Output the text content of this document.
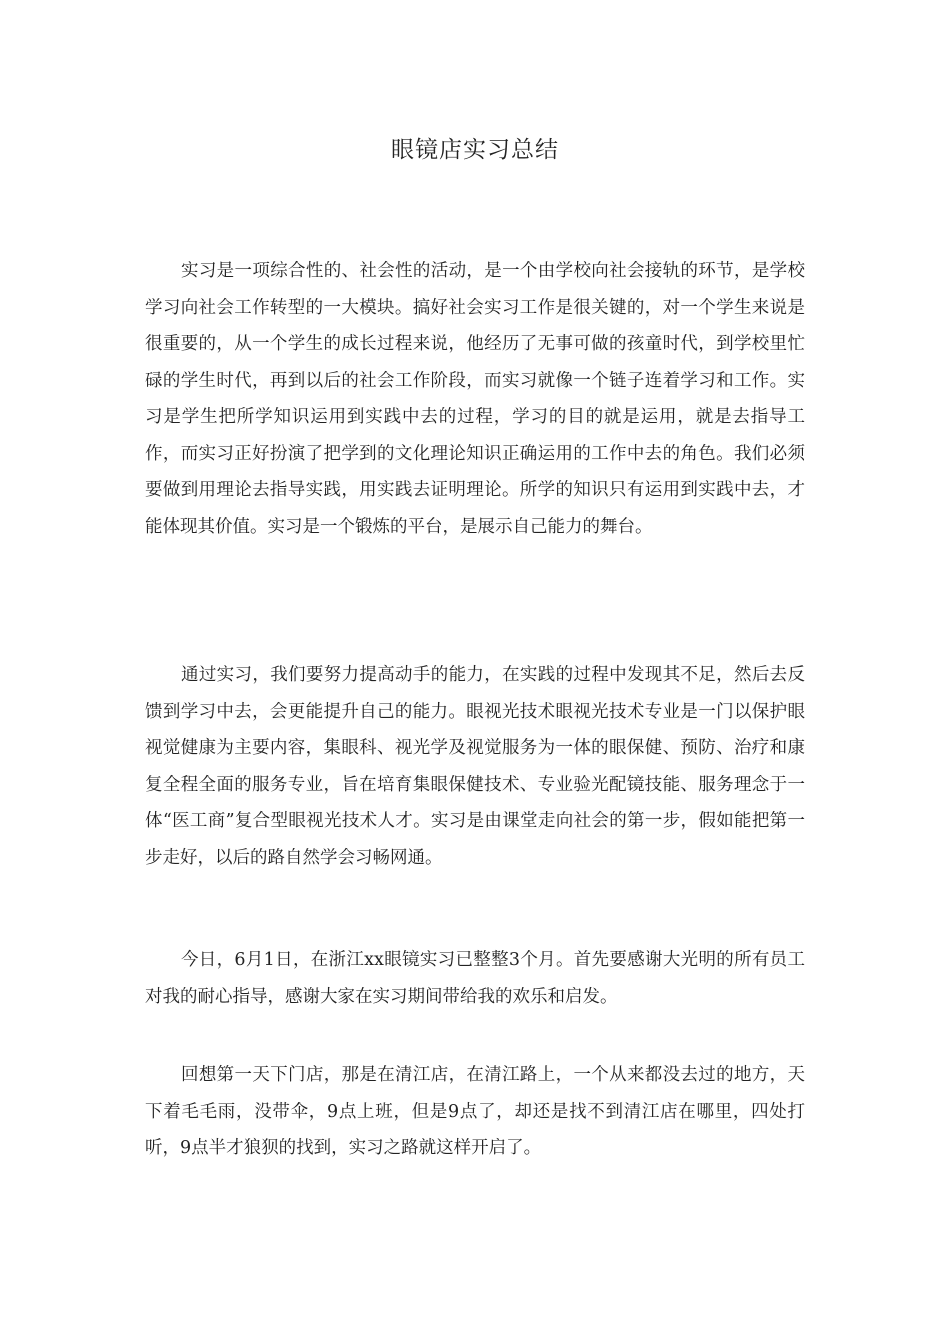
眼镜店实习总结

实习是一项综合性的、社会性的活动，是一个由学校向社会接轨的环节，是学校学习向社会工作转型的一大模块。搞好社会实习工作是很关键的，对一个学生来说是很重要的，从一个学生的成长过程来说，他经历了无事可做的孩童时代，到学校里忙碌的学生时代，再到以后的社会工作阶段，而实习就像一个链子连着学习和工作。实习是学生把所学知识运用到实践中去的过程，学习的目的就是运用，就是去指导工作，而实习正好扮演了把学到的文化理论知识正确运用的工作中去的角色。我们必须要做到用理论去指导实践，用实践去证明理论。所学的知识只有运用到实践中去，才能体现其价值。实习是一个锻炼的平台，是展示自己能力的舞台。

通过实习，我们要努力提高动手的能力，在实践的过程中发现其不足，然后去反馈到学习中去，会更能提升自己的能力。眼视光技术眼视光技术专业是一门以保护眼视觉健康为主要内容，集眼科、视光学及视觉服务为一体的眼保健、预防、治疗和康复全程全面的服务专业，旨在培育集眼保健技术、专业验光配镜技能、服务理念于一体“医工商”复合型眼视光技术人才。实习是由课堂走向社会的第一步，假如能把第一步走好，以后的路自然学会习畅网通。

今日，6月1日，在浙江xx眼镜实习已整整3个月。首先要感谢大光明的所有员工对我的耐心指导，感谢大家在实习期间带给我的欢乐和启发。

回想第一天下门店，那是在清江店，在清江路上，一个从来都没去过的地方，天下着毛毛雨，没带伞，9点上班，但是9点了，却还是找不到清江店在哪里，四处打听，9点半才狼狈的找到，实习之路就这样开启了。
